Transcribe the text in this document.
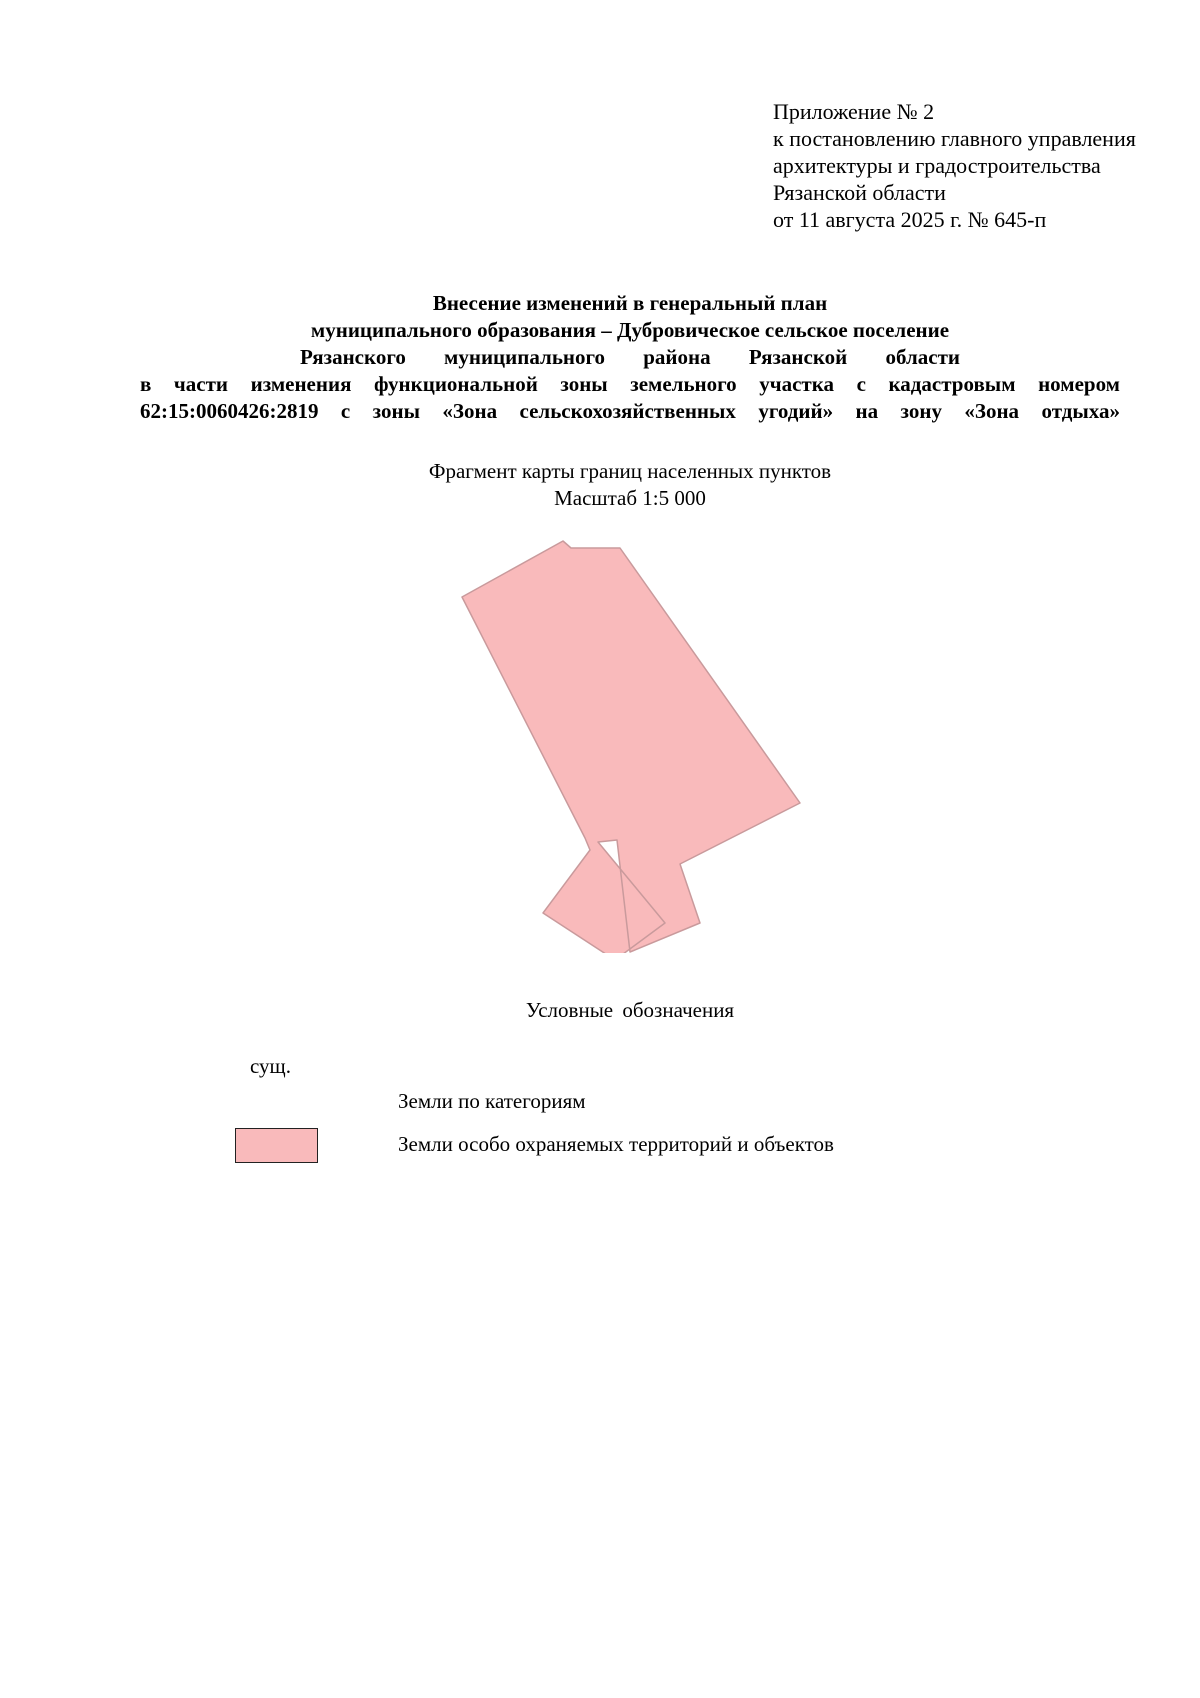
Приложение № 2
к постановлению главного управления
архитектуры и градостроительства
Рязанской области
от 11 августа 2025 г. № 645-п
Внесение изменений в генеральный план
муниципального образования – Дубровическое сельское поселение
Рязанского муниципального района Рязанской области
в части изменения функциональной зоны земельного участка с кадастровым номером
62:15:0060426:2819 с зоны «Зона сельскохозяйственных угодий» на зону «Зона отдыха»
Фрагмент карты границ населенных пунктов
Масштаб 1:5 000
Условные обозначения
сущ.
Земли по категориям
Земли особо охраняемых территорий и объектов
